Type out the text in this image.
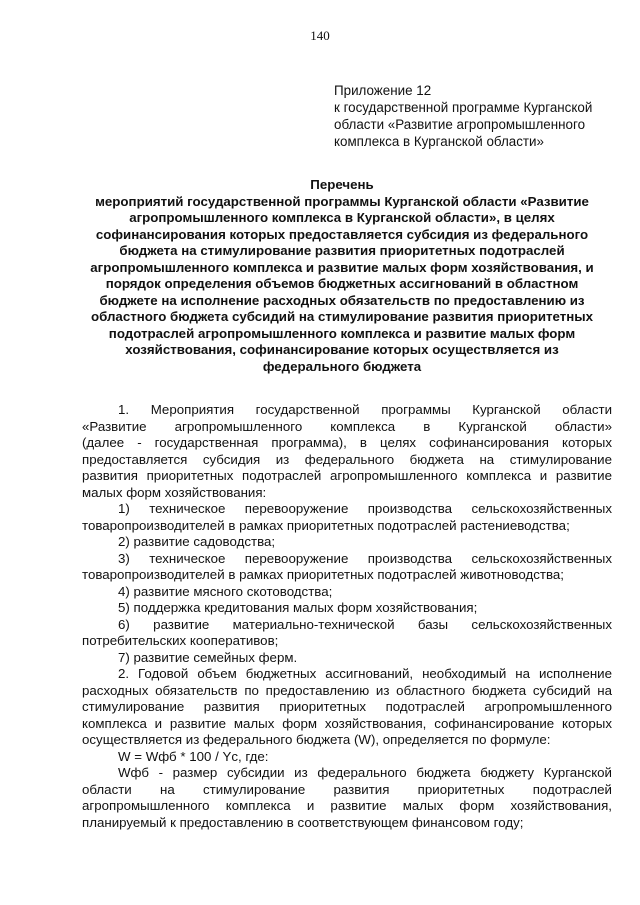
140
Приложение 12
к государственной программе Курганской
области «Развитие агропромышленного
комплекса в Курганской области»
Перечень
мероприятий государственной программы Курганской области «Развитие
агропромышленного комплекса в Курганской области», в целях
софинансирования которых предоставляется субсидия из федерального
бюджета на стимулирование развития приоритетных подотраслей
агропромышленного комплекса и развитие малых форм хозяйствования, и
порядок определения объемов бюджетных ассигнований в областном
бюджете на исполнение расходных обязательств по предоставлению из
областного бюджета субсидий на стимулирование развития приоритетных
подотраслей агропромышленного комплекса и развитие малых форм
хозяйствования, софинансирование которых осуществляется из
федерального бюджета
1. Мероприятия государственной программы Курганской области
«Развитие агропромышленного комплекса в Курганской области»
(далее - государственная программа), в целях софинансирования которых
предоставляется субсидия из федерального бюджета на стимулирование
развития приоритетных подотраслей агропромышленного комплекса и развитие
малых форм хозяйствования:
1) техническое перевооружение производства сельскохозяйственных
товаропроизводителей в рамках приоритетных подотраслей растениеводства;
2) развитие садоводства;
3) техническое перевооружение производства сельскохозяйственных
товаропроизводителей в рамках приоритетных подотраслей животноводства;
4) развитие мясного скотоводства;
5) поддержка кредитования малых форм хозяйствования;
6) развитие материально-технической базы сельскохозяйственных
потребительских кооперативов;
7) развитие семейных ферм.
2. Годовой объем бюджетных ассигнований, необходимый на исполнение
расходных обязательств по предоставлению из областного бюджета субсидий на
стимулирование развития приоритетных подотраслей агропромышленного
комплекса и развитие малых форм хозяйствования, софинансирование которых
осуществляется из федерального бюджета (W), определяется по формуле:
W = Wфб * 100 / Yc, где:
Wфб - размер субсидии из федерального бюджета бюджету Курганской
области на стимулирование развития приоритетных подотраслей
агропромышленного комплекса и развитие малых форм хозяйствования,
планируемый к предоставлению в соответствующем финансовом году;
